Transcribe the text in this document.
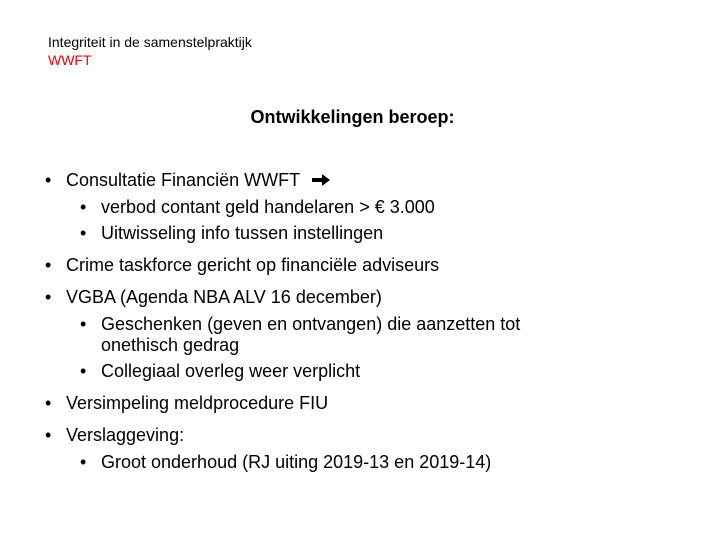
Integriteit in de samenstelpraktijk
WWFT
Ontwikkelingen beroep:
• Consultatie Financiën WWFT
• verbod contant geld handelaren > € 3.000
• Uitwisseling info tussen instellingen
• Crime taskforce gericht op financiële adviseurs
• VGBA (Agenda NBA ALV 16 december)
• Geschenken (geven en ontvangen) die aanzetten tot
onethisch gedrag
• Collegiaal overleg weer verplicht
• Versimpeling meldprocedure FIU
• Verslaggeving:
• Groot onderhoud (RJ uiting 2019-13 en 2019-14)
